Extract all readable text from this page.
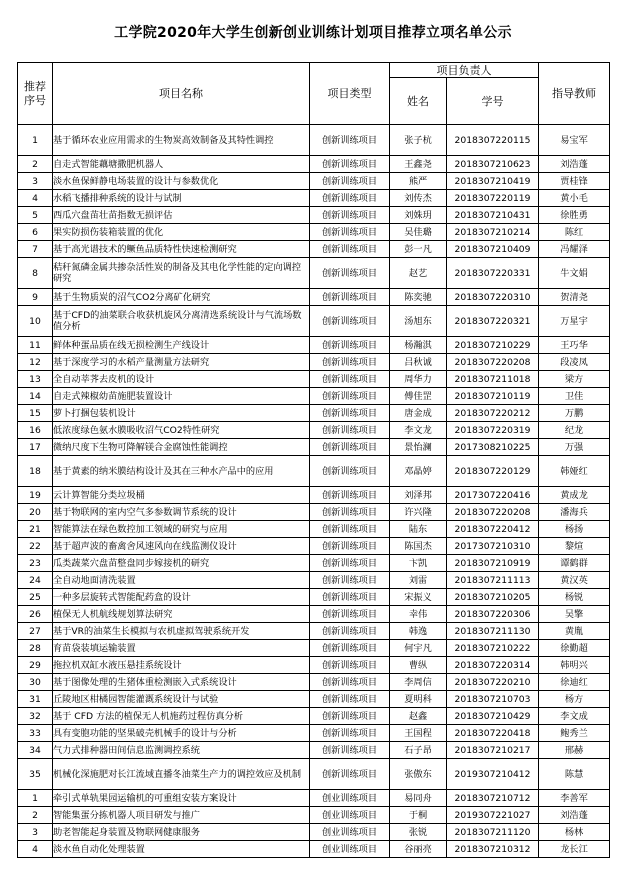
工学院2020年大学生创新创业训练计划项目推荐立项名单公示
推荐序号	项目名称	项目类型	项目负责人		指导教师
			姓名	学号	
1	基于循环农业应用需求的生物炭高效制备及其特性调控	创新训练项目	张子杭	2018307220115	易宝军
2	自走式智能藕塘撒肥机器人	创新训练项目	王鑫尧	2018307210623	刘浩蓬
3	淡水鱼保鲜静电场装置的设计与参数优化	创新训练项目	熊严	2018307210419	贾桂锋
4	水稻飞播排种系统的设计与试制	创新训练项目	刘传杰	2018307220119	黄小毛
5	西瓜穴盘苗壮苗指数无损评估	创新训练项目	刘姝玥	2018307210431	徐胜勇
6	果实防损伤装箱装置的优化	创新训练项目	吴佳璐	2018307210214	陈红
7	基于高光谱技术的鳜鱼品质特性快速检测研究	创新训练项目	彭一凡	2018307210409	冯耀泽
8	秸秆氮磷金属共掺杂活性炭的制备及其电化学性能的定向调控研究	创新训练项目	赵艺	2018307220331	牛文娟
9	基于生物质炭的沼气CO2分离矿化研究	创新训练项目	陈奕驰	2018307220310	贺清尧
10	基于CFD的油菜联合收获机旋风分离清选系统设计与气流场数值分析	创新训练项目	汤旭东	2018307220321	万星宇
11	鲜体种蛋品质在线无损检测生产线设计	创新训练项目	杨瀚淇	2018307210229	王巧华
12	基于深度学习的水稻产量测量方法研究	创新训练项目	吕秋诚	2018307220208	段凌凤
13	全自动莘荠去皮机的设计	创新训练项目	周华力	2018307211018	梁方
14	自走式辣椒幼苗施肥装置设计	创新训练项目	傅佳罡	2018307210119	卫佳
15	萝卜打捆包装机设计	创新训练项目	唐金成	2018307220212	万鹏
16	低浓度绿色氨水膜吸收沼气CO2特性研究	创新训练项目	李文龙	2018307220319	纪龙
17	微纳尺度下生物可降解镁合金腐蚀性能调控	创新训练项目	景怡澜	2017308210225	万强
18	基于黄素的纳米膜结构设计及其在三种水产品中的应用	创新训练项目	邓晶婷	2018307220129	韩娅红
19	云计算智能分类垃圾桶	创新训练项目	刘泽邦	2017307220416	黄成龙
20	基于物联网的室内空气多参数调节系统的设计	创新训练项目	许兴隆	2018307220208	潘海兵
21	智能算法在绿色数控加工领域的研究与应用	创新训练项目	陆东	2018307220412	杨扬
22	基于超声波的畜禽舍风速风向在线监测仪设计	创新训练项目	陈国杰	2017307210310	黎煊
23	瓜类蔬菜穴盘苗整盘同步嫁接机的研究	创新训练项目	卞凯	2018307210919	谭鹤群
24	全自动地面清洗装置	创新训练项目	刘雷	2018307211113	黄汉英
25	一种多层旋转式智能配药盒的设计	创新训练项目	宋振义	2018307210205	杨锐
26	植保无人机航线规划算法研究	创新训练项目	幸伟	2018307220306	吴擎
27	基于VR的油菜生长模拟与农机虚拟驾驶系统开发	创新训练项目	韩逸	2018307211130	黄胤
28	育苗袋装填运输装置	创新训练项目	何宇凡	2018307210222	徐勤超
29	拖拉机双缸水液压悬挂系统设计	创新训练项目	曹纵	2018307220314	韩明兴
30	基于图像处理的生猪体重检测嵌入式系统设计	创新训练项目	李周信	2018307220210	徐迪红
31	丘陵地区柑橘园智能灌溉系统设计与试验	创新训练项目	夏明科	2018307210703	杨方
32	基于 CFD 方法的植保无人机施药过程仿真分析	创新训练项目	赵鑫	2018307210429	李文成
33	具有变胞功能的坚果破壳机械手的设计与分析	创新训练项目	王国程	2018307220418	鲍秀兰
34	气力式排种器田间信息监测调控系统	创新训练项目	石子昂	2018307210217	邢赫
35	机械化深施肥对长江流域直播冬油菜生产力的调控效应及机制	创新训练项目	张傲东	2019307210412	陈慧
1	牵引式单轨果园运输机的可重组安装方案设计	创业训练项目	易同舟	2018307210712	李善军
2	智能集蛋分拣机器人项目研发与推广	创业训练项目	于桐	2019307221027	刘浩蓬
3	助老智能起身装置及物联网健康服务	创业训练项目	张锐	2018307211120	杨林
4	淡水鱼自动化处理装置	创业训练项目	谷丽亮	2018307210312	龙长江
